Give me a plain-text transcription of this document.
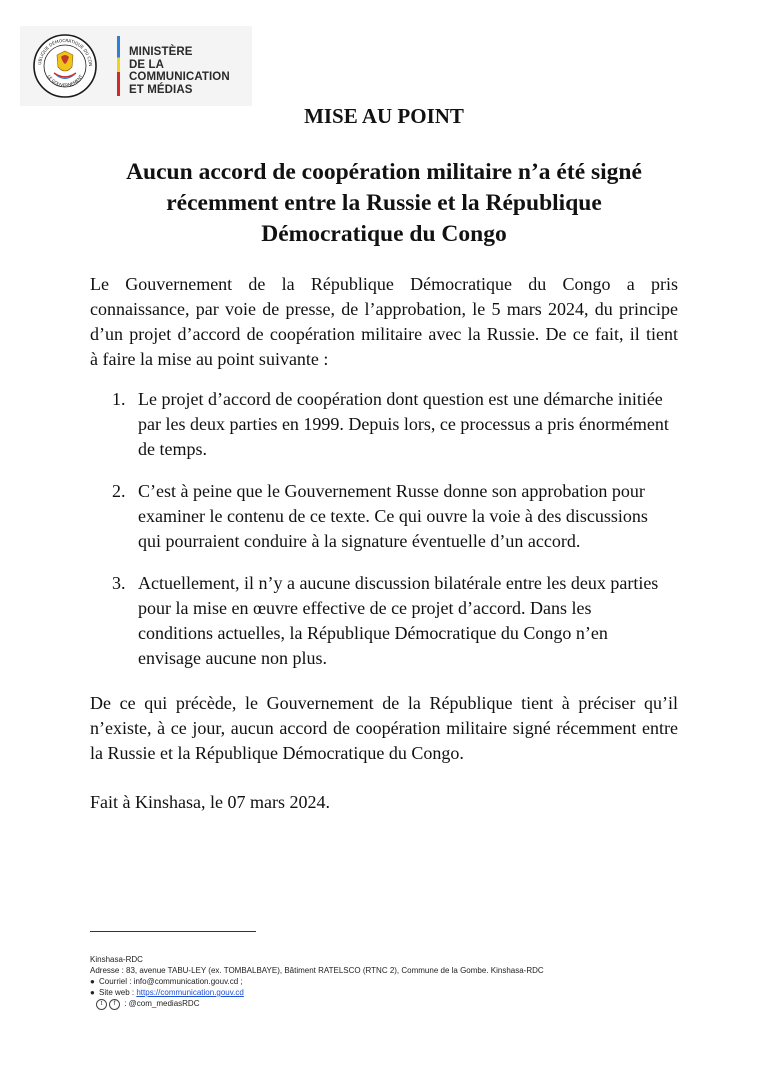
UBLIQUE DÉMOCRATIQUE DU CON
LE GOUVERNEMENT

MINISTÈRE
DE LA COMMUNICATION
ET MÉDIAS

MISE AU POINT
Aucun accord de coopération militaire n’a été signé
récemment entre la Russie et la République
Démocratique du Congo

Le Gouvernement de la République Démocratique du Congo a pris
connaissance, par voie de presse, de l’approbation, le 5 mars 2024, du principe
d’un projet d’accord de coopération militaire avec la Russie. De ce fait, il tient
à faire la mise au point suivante :

1. Le projet d’accord de coopération dont question est une démarche initiée
par les deux parties en 1999. Depuis lors, ce processus a pris énormément
de temps.
2. C’est à peine que le Gouvernement Russe donne son approbation pour
examiner le contenu de ce texte. Ce qui ouvre la voie à des discussions
qui pourraient conduire à la signature éventuelle d’un accord.
3. Actuellement, il n’y a aucune discussion bilatérale entre les deux parties
pour la mise en œuvre effective de ce projet d’accord. Dans les
conditions actuelles, la République Démocratique du Congo n’en
envisage aucune non plus.

De ce qui précède, le Gouvernement de la République tient à préciser qu’il
n’existe, à ce jour, aucun accord de coopération militaire signé récemment entre
la Russie et la République Démocratique du Congo.

Fait à Kinshasa, le 07 mars 2024.

Kinshasa-RDC
Adresse : 83, avenue TABU-LEY (ex. TOMBALBAYE), Bâtiment RATELSCO (RTNC 2), Commune de la Gombe. Kinshasa-RDC
● Courriel : info@communication.gouv.cd ;
● Site web : https://communication.gouv.cd
t f : @com_mediasRDC
